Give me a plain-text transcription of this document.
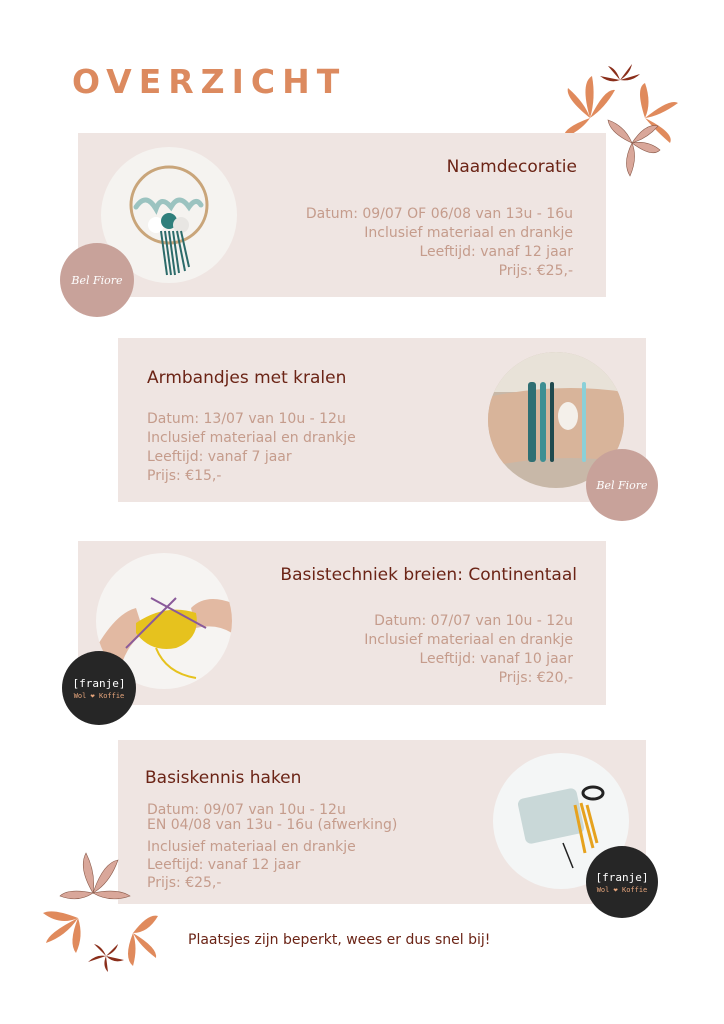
OVERZICHT
Naamdecoratie
Datum: 09/07 OF 06/08 van 13u - 16u
Inclusief materiaal en drankje
Leeftijd: vanaf 12 jaar
Prijs: €25,-
Bel Fiore
Armbandjes met kralen
Datum: 13/07 van 10u - 12u
Inclusief materiaal en drankje
Leeftijd: vanaf 7 jaar
Prijs: €15,-
Bel Fiore
Basistechniek breien: Continentaal
Datum: 07/07 van 10u - 12u
Inclusief materiaal en drankje
Leeftijd: vanaf 10 jaar
Prijs: €20,-
[franje]
Wol ❤ Koffie
Basiskennis haken
Datum: 09/07 van 10u - 12u
EN 04/08 van 13u - 16u (afwerking)
Inclusief materiaal en drankje
Leeftijd: vanaf 12 jaar
Prijs: €25,-	[franje]
Wol ❤ Koffie
Plaatsjes zijn beperkt, wees er dus snel bij!
